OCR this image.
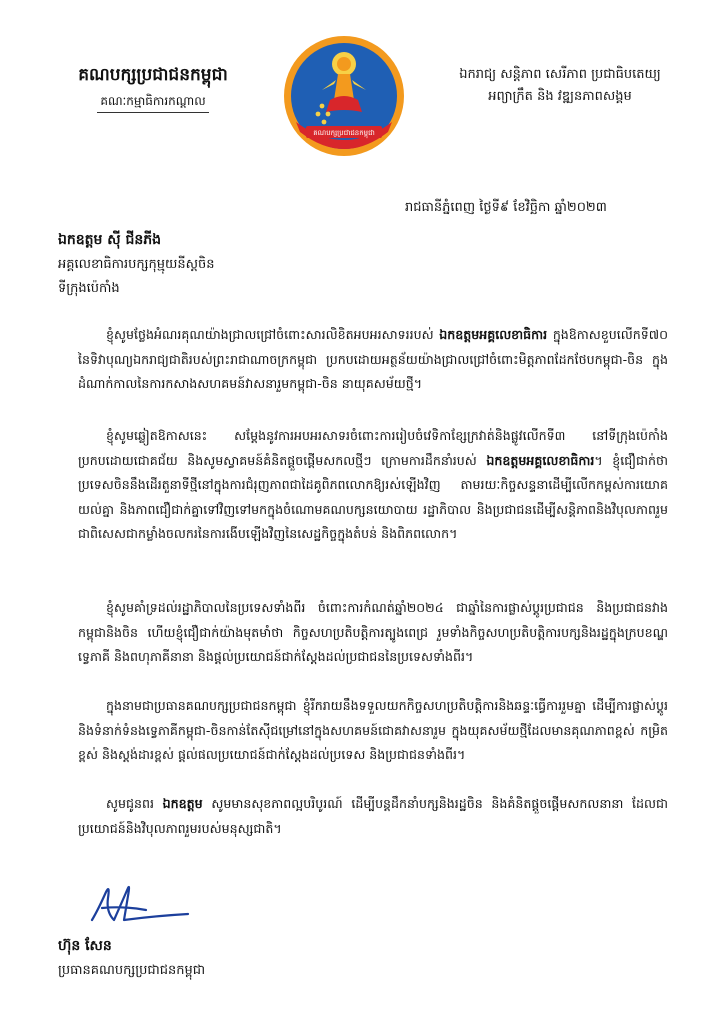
គណបក្សប្រជាជនកម្ពុជា
គណៈកម្មាធិការកណ្ដាល
គណបក្សប្រជាជនកម្ពុជា
ឯករាជ្យ សន្តិភាព សេរីភាព ប្រជាធិបតេយ្យ
អព្យាក្រឹត និង វឌ្ឍនភាពសង្គម
រាជធានីភ្នំពេញ ថ្ងៃទី៩ ខែវិច្ឆិកា ឆ្នាំ២០២៣
ឯកឧត្តម ស៊ី ជីនភីង
អគ្គលេខាធិការបក្សកុម្មុយនីស្តចិន
ទីក្រុងប៉េកាំង
ខ្ញុំសូមថ្លែងអំណរគុណយ៉ាងជ្រាលជ្រៅចំពោះសារលិខិតអបអរសាទររបស់ ឯកឧត្តមអគ្គលេខាធិការ ក្នុងឱកាសខួបលើកទី៧០ នៃទិវាបុណ្យឯករាជ្យជាតិរបស់ព្រះរាជាណាចក្រកម្ពុជា ប្រកបដោយអត្ថន័យយ៉ាងជ្រាលជ្រៅចំពោះមិត្តភាពដែកថែបកម្ពុជា-ចិន ក្នុងដំណាក់កាលនៃការកសាងសហគមន៍វាសនារួមកម្ពុជា-ចិន នាយុគសម័យថ្មី។
ខ្ញុំសូមឆ្លៀតឱកាសនេះ សម្ដែងនូវការអបអរសាទរចំពោះការរៀបចំវេទិកាខ្សែក្រវាត់និងផ្លូវលើកទី៣ នៅទីក្រុងប៉េកាំង ប្រកបដោយជោគជ័យ និងសូមស្វាគមន៍គំនិតផ្ដួចផ្ដើមសកលថ្មីៗ ក្រោមការដឹកនាំរបស់ ឯកឧត្តមអគ្គលេខាធិការ។ ខ្ញុំជឿជាក់ថា ប្រទេសចិននឹងដើរតួនាទីថ្មីនៅក្នុងការជំរុញភាពជាដៃគូពិភពលោកឱ្យរស់ឡើងវិញ តាមរយៈកិច្ចសន្ទនាដើម្បីលើកកម្ពស់ការយោគយល់គ្នា និងភាពជឿជាក់គ្នាទៅវិញទៅមកក្នុងចំណោមគណបក្សនយោបាយ រដ្ឋាភិបាល និងប្រជាជនដើម្បីសន្តិភាពនិងវិបុលភាពរួម ជាពិសេសជាកម្លាំងចលករនៃការងើបឡើងវិញនៃសេដ្ឋកិច្ចក្នុងតំបន់ និងពិភពលោក។
ខ្ញុំសូមគាំទ្រដល់រដ្ឋាភិបាលនៃប្រទេសទាំងពីរ ចំពោះការកំណត់ឆ្នាំ២០២៤ ជាឆ្នាំនៃការផ្លាស់ប្ដូរប្រជាជន និងប្រជាជនវាងកម្ពុជានិងចិន ហើយខ្ញុំជឿជាក់យ៉ាងមុតមាំថា កិច្ចសហប្រតិបត្តិការត្បូងពេជ្រ រួមទាំងកិច្ចសហប្រតិបត្តិការបក្សនិងរដ្ឋក្នុងក្របខណ្ឌទ្វេភាគី និងពហុភាគីនានា និងផ្ដល់ប្រយោជន៍ជាក់ស្ដែងដល់ប្រជាជននៃប្រទេសទាំងពីរ។
ក្នុងនាមជាប្រធានគណបក្សប្រជាជនកម្ពុជា ខ្ញុំរីករាយនឹងទទួលយកកិច្ចសហប្រតិបត្តិការនិងឆន្ទៈធ្វើការរួមគ្នា ដើម្បីការផ្លាស់ប្ដូរនិងទំនាក់ទំនងទ្វេភាគីកម្ពុជា-ចិនកាន់តែស៊ីជម្រៅនៅក្នុងសហគមន៍ជោគវាសនារួម ក្នុងយុគសម័យថ្មីដែលមានគុណភាពខ្ពស់ កម្រិតខ្ពស់ និងស្តង់ដារខ្ពស់ ផ្ដល់ផលប្រយោជន៍ជាក់ស្ដែងដល់ប្រទេស និងប្រជាជនទាំងពីរ។
សូមជូនពរ ឯកឧត្តម សូមមានសុខភាពល្អបរិបូរណ៍ ដើម្បីបន្តដឹកនាំបក្សនិងរដ្ឋចិន និងគំនិតផ្ដួចផ្ដើមសកលនានា ដែលជាប្រយោជន៍និងវិបុលភាពរួមរបស់មនុស្សជាតិ។
ហ៊ុន សែន
ប្រធានគណបក្សប្រជាជនកម្ពុជា
